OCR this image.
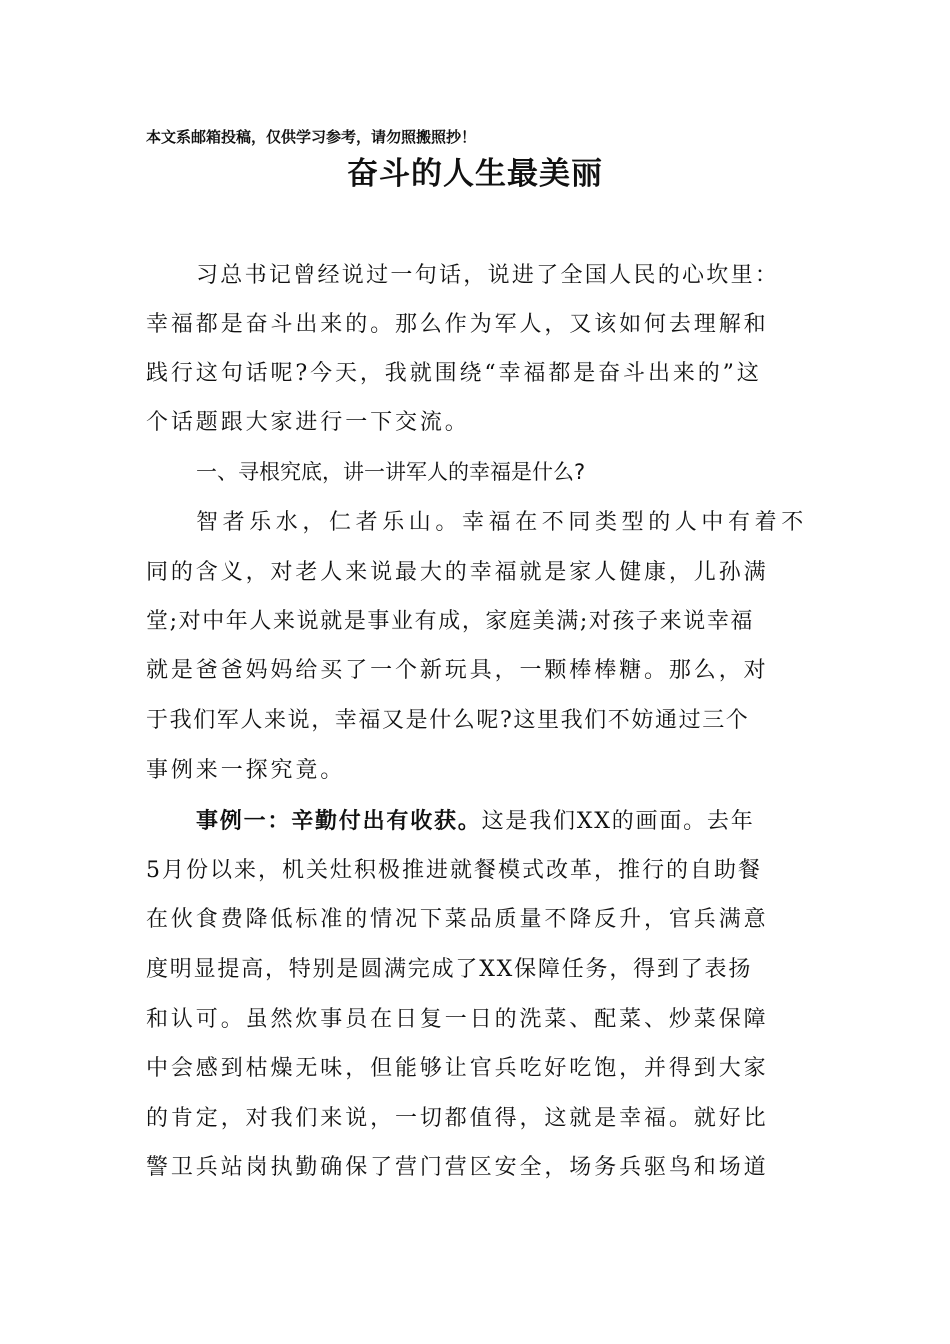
本文系邮箱投稿，仅供学习参考，请勿照搬照抄！
奋斗的人生最美丽
习总书记曾经说过一句话，说进了全国人民的心坎里：
幸福都是奋斗出来的。那么作为军人，又该如何去理解和
践行这句话呢?今天，我就围绕“幸福都是奋斗出来的”这
个话题跟大家进行一下交流。
一、寻根究底，讲一讲军人的幸福是什么?
智者乐水，仁者乐山。幸福在不同类型的人中有着不
同的含义，对老人来说最大的幸福就是家人健康，儿孙满
堂;对中年人来说就是事业有成，家庭美满;对孩子来说幸福
就是爸爸妈妈给买了一个新玩具，一颗棒棒糖。那么，对
于我们军人来说，幸福又是什么呢?这里我们不妨通过三个
事例来一探究竟。
事例一：辛勤付出有收获。这是我们XX的画面。去年
5月份以来，机关灶积极推进就餐模式改革，推行的自助餐
在伙食费降低标准的情况下菜品质量不降反升，官兵满意
度明显提高，特别是圆满完成了XX保障任务，得到了表扬
和认可。虽然炊事员在日复一日的洗菜、配菜、炒菜保障
中会感到枯燥无味，但能够让官兵吃好吃饱，并得到大家
的肯定，对我们来说，一切都值得，这就是幸福。就好比
警卫兵站岗执勤确保了营门营区安全，场务兵驱鸟和场道
